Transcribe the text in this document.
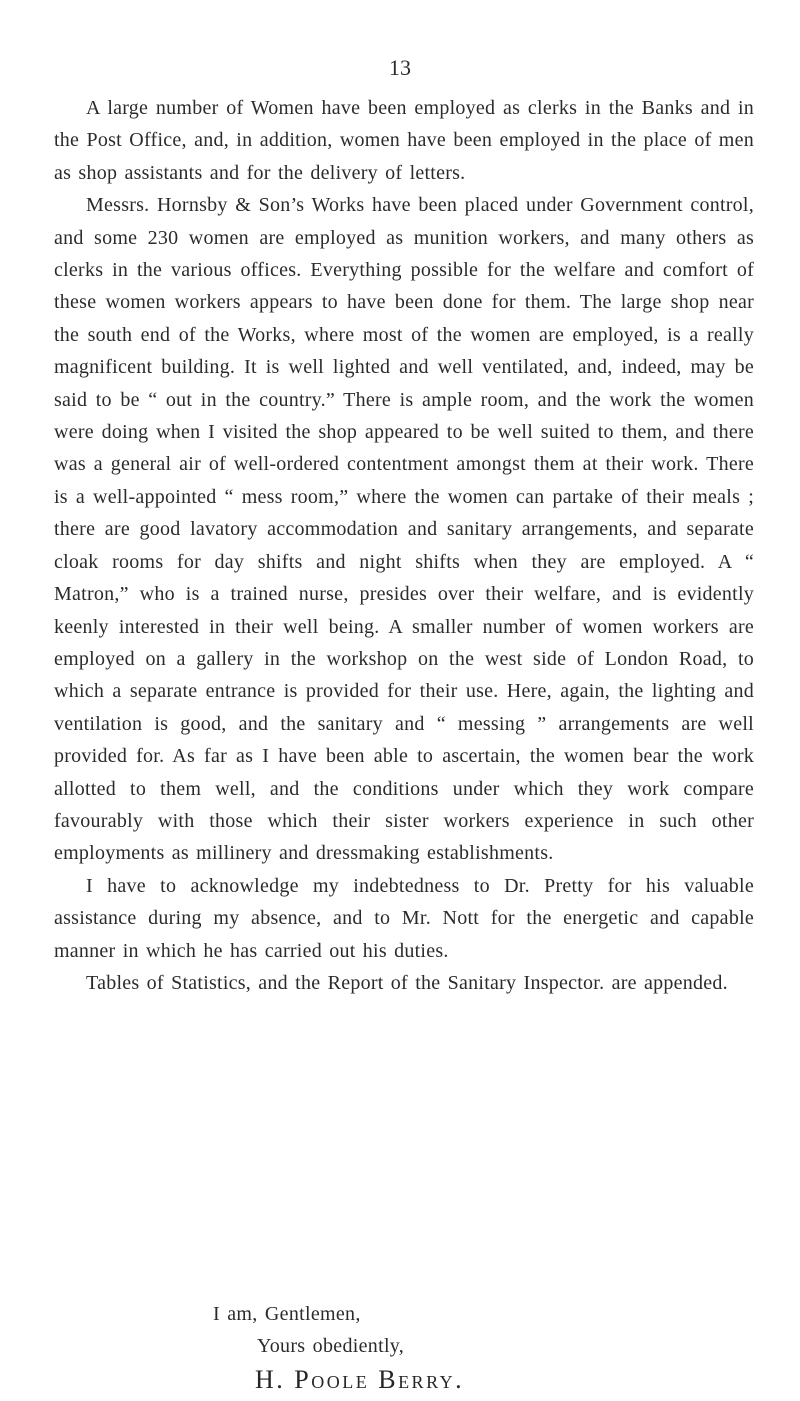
13

A large number of Women have been employed as clerks in the Banks and in the Post Office, and, in addition, women have been employed in the place of men as shop assistants and for the delivery of letters.

Messrs. Hornsby & Son’s Works have been placed under Government control, and some 230 women are employed as munition workers, and many others as clerks in the various offices. Everything possible for the welfare and comfort of these women workers appears to have been done for them. The large shop near the south end of the Works, where most of the women are employed, is a really magnificent building. It is well lighted and well ventilated, and, indeed, may be said to be “ out in the country.” There is ample room, and the work the women were doing when I visited the shop appeared to be well suited to them, and there was a general air of well-ordered contentment amongst them at their work. There is a well-appointed “ mess room,” where the women can partake of their meals ; there are good lavatory accommodation and sanitary arrangements, and separate cloak rooms for day shifts and night shifts when they are employed. A “ Matron,” who is a trained nurse, presides over their welfare, and is evidently keenly interested in their well being. A smaller number of women workers are employed on a gallery in the workshop on the west side of London Road, to which a separate entrance is provided for their use. Here, again, the lighting and ventilation is good, and the sanitary and “ messing ” arrangements are well provided for. As far as I have been able to ascertain, the women bear the work allotted to them well, and the conditions under which they work compare favourably with those which their sister workers experience in such other employments as millinery and dressmaking establishments.

I have to acknowledge my indebtedness to Dr. Pretty for his valuable assistance during my absence, and to Mr. Nott for the energetic and capable manner in which he has carried out his duties.

Tables of Statistics, and the Report of the Sanitary Inspector. are appended.

I am, Gentlemen,
Yours obediently,
H. Poole Berry.
